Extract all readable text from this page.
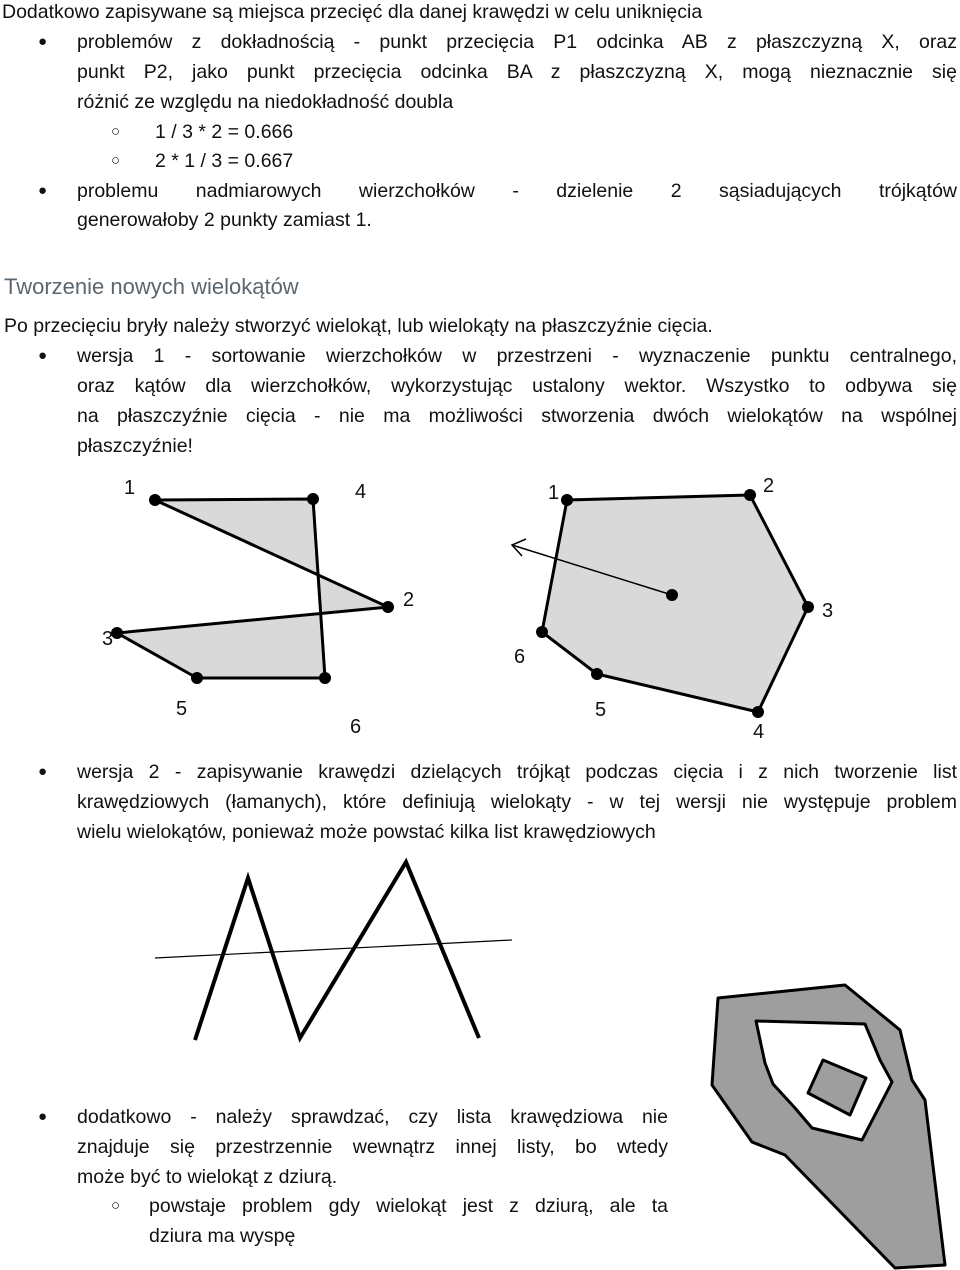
Dodatkowo zapisywane są miejsca przecięć dla danej krawędzi w celu uniknięcia
● problemów z dokładnością - punkt przecięcia P1 odcinka AB z płaszczyzną X, oraz
punkt P2, jako punkt przecięcia odcinka BA z płaszczyzną X, mogą nieznacznie się
różnić ze względu na niedokładność doubla
○ 1 / 3 * 2 = 0.666
○ 2 * 1 / 3 = 0.667
● problemu nadmiarowych wierzchołków - dzielenie 2 sąsiadujących trójkątów
generowałoby 2 punkty zamiast 1.
Tworzenie nowych wielokątów
Po przecięciu bryły należy stworzyć wielokąt, lub wielokąty na płaszczyźnie cięcia.
● wersja 1 - sortowanie wierzchołków w przestrzeni - wyznaczenie punktu centralnego,
oraz kątów dla wierzchołków, wykorzystując ustalony wektor. Wszystko to odbywa się
na płaszczyźnie cięcia - nie ma możliwości stworzenia dwóch wielokątów na wspólnej
płaszczyźnie!
1	4
2
3
5
6
1	2
3
4
5
6
● wersja 2 - zapisywanie krawędzi dzielących trójkąt podczas cięcia i z nich tworzenie list
krawędziowych (łamanych), które definiują wielokąty - w tej wersji nie występuje problem
wielu wielokątów, ponieważ może powstać kilka list krawędziowych
● dodatkowo - należy sprawdzać, czy lista krawędziowa nie
znajduje się przestrzennie wewnątrz innej listy, bo wtedy
może być to wielokąt z dziurą.
○ powstaje problem gdy wielokąt jest z dziurą, ale ta
dziura ma wyspę
